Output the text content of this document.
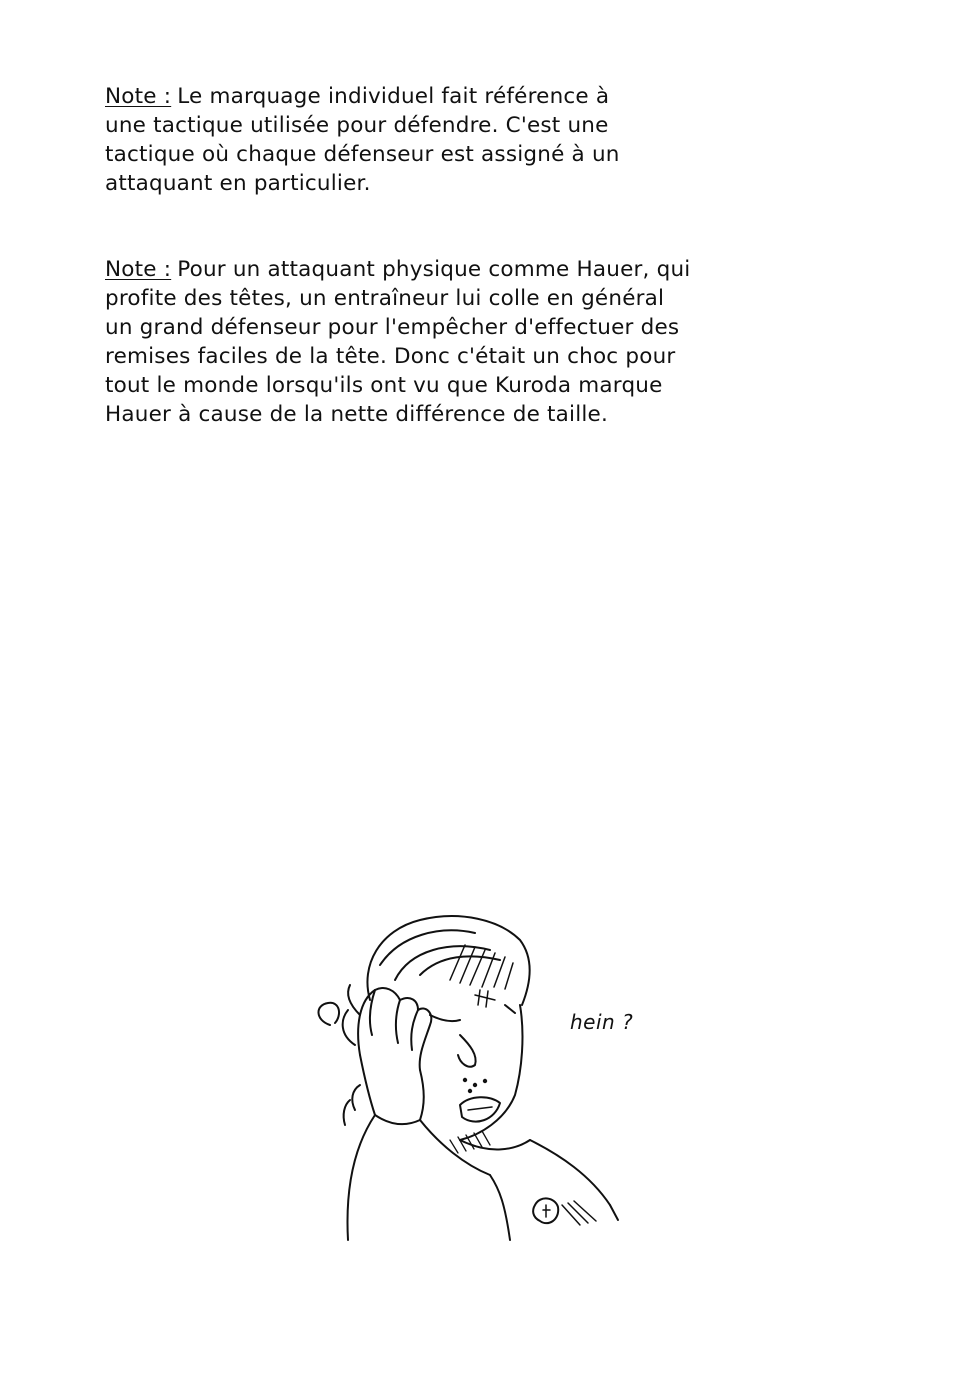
Note : Le marquage individuel fait référence à
une tactique utilisée pour défendre. C'est une
tactique où chaque défenseur est assigné à un
attaquant en particulier.
Note : Pour un attaquant physique comme Hauer, qui
profite des têtes, un entraîneur lui colle en général
un grand défenseur pour l'empêcher d'effectuer des
remises faciles de la tête. Donc c'était un choc pour
tout le monde lorsqu'ils ont vu que Kuroda marque
Hauer à cause de la nette différence de taille.
hein ?
